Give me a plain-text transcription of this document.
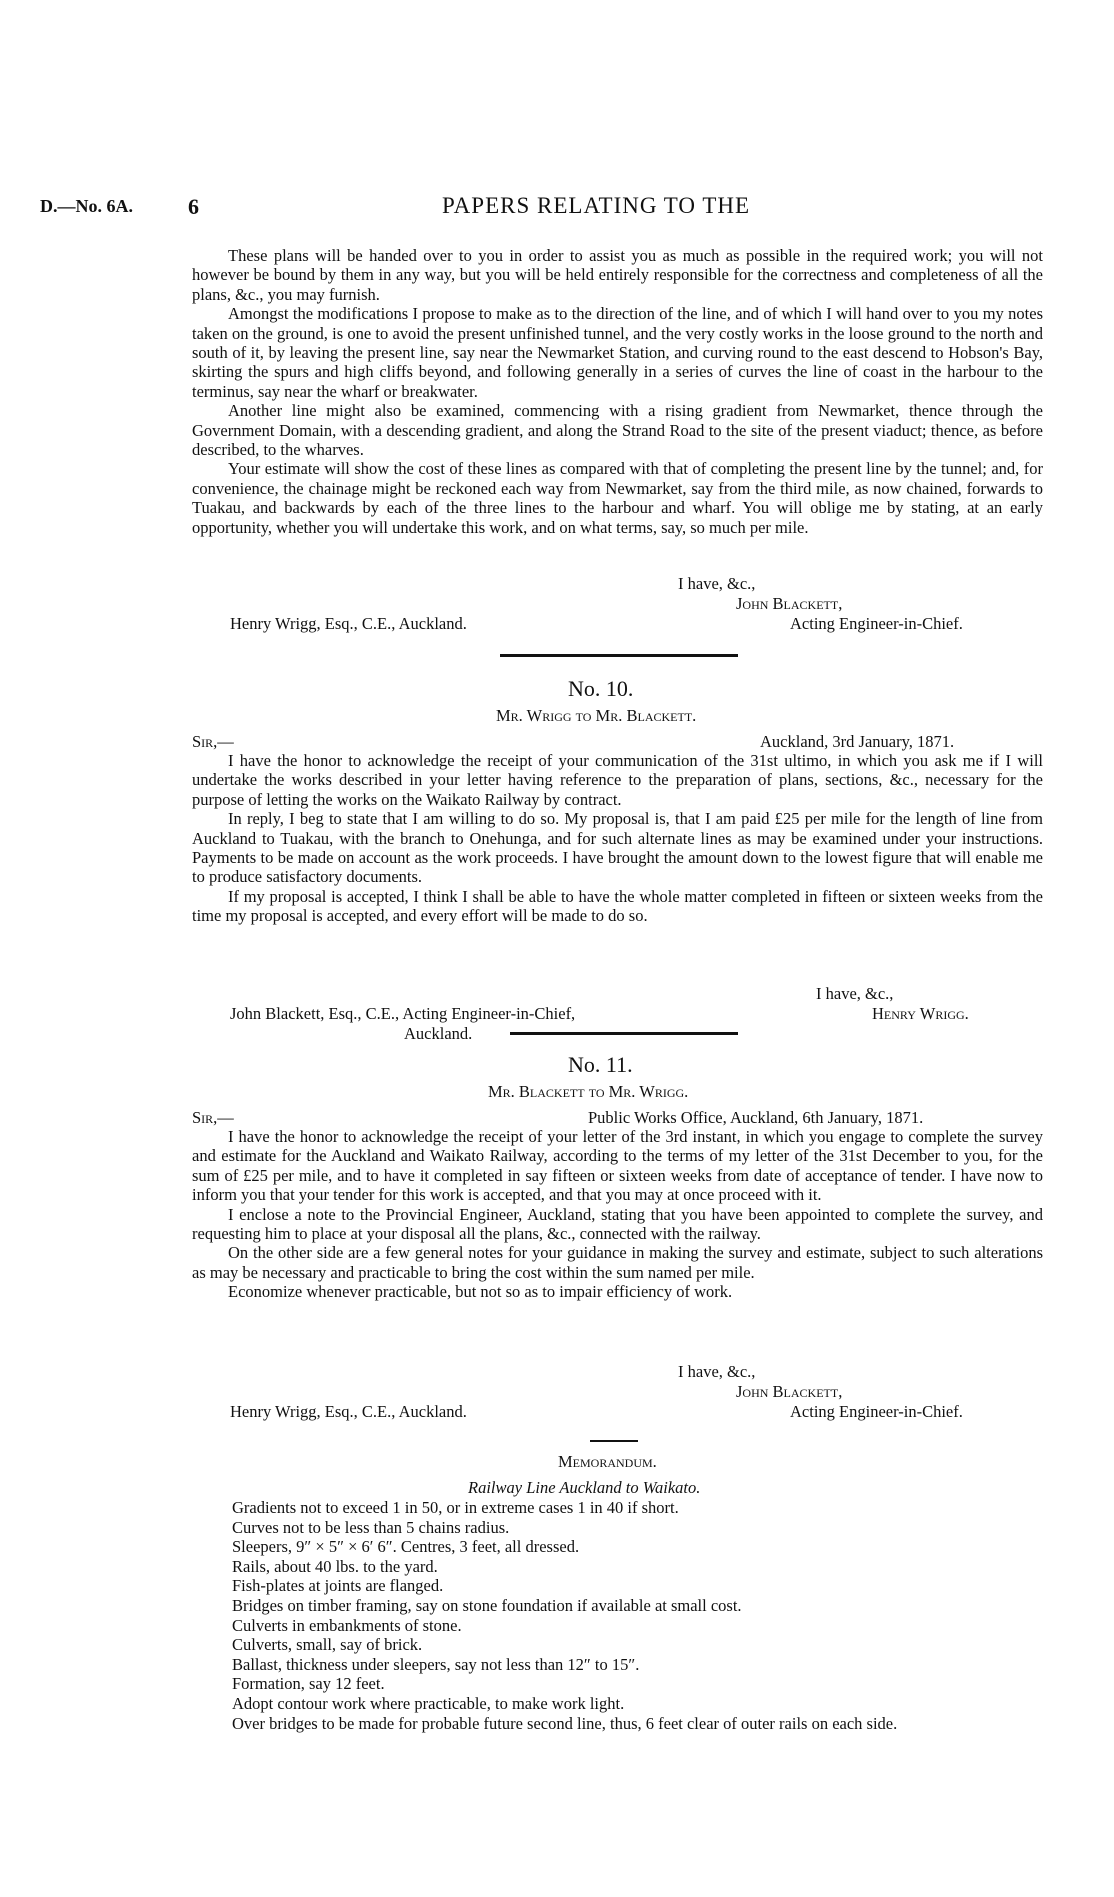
D.—No. 6A.	6	PAPERS RELATING TO THE

These plans will be handed over to you in order to assist you as much as possible in the required work; you will not however be bound by them in any way, but you will be held entirely responsible for the correctness and completeness of all the plans, &c., you may furnish.

Amongst the modifications I propose to make as to the direction of the line, and of which I will hand over to you my notes taken on the ground, is one to avoid the present unfinished tunnel, and the very costly works in the loose ground to the north and south of it, by leaving the present line, say near the Newmarket Station, and curving round to the east descend to Hobson's Bay, skirting the spurs and high cliffs beyond, and following generally in a series of curves the line of coast in the harbour to the terminus, say near the wharf or breakwater.

Another line might also be examined, commencing with a rising gradient from Newmarket, thence through the Government Domain, with a descending gradient, and along the Strand Road to the site of the present viaduct; thence, as before described, to the wharves.

Your estimate will show the cost of these lines as compared with that of completing the present line by the tunnel; and, for convenience, the chainage might be reckoned each way from Newmarket, say from the third mile, as now chained, forwards to Tuakau, and backwards by each of the three lines to the harbour and wharf. You will oblige me by stating, at an early opportunity, whether you will undertake this work, and on what terms, say, so much per mile.

I have, &c.,
John Blackett,
Henry Wrigg, Esq., C.E., Auckland.	Acting Engineer-in-Chief.
No. 10.
Mr. Wrigg to Mr. Blackett.
Sir,—	Auckland, 3rd January, 1871.

I have the honor to acknowledge the receipt of your communication of the 31st ultimo, in which you ask me if I will undertake the works described in your letter having reference to the preparation of plans, sections, &c., necessary for the purpose of letting the works on the Waikato Railway by contract.

In reply, I beg to state that I am willing to do so. My proposal is, that I am paid £25 per mile for the length of line from Auckland to Tuakau, with the branch to Onehunga, and for such alternate lines as may be examined under your instructions. Payments to be made on account as the work proceeds. I have brought the amount down to the lowest figure that will enable me to produce satisfactory documents.

If my proposal is accepted, I think I shall be able to have the whole matter completed in fifteen or sixteen weeks from the time my proposal is accepted, and every effort will be made to do so.

I have, &c.,
John Blackett, Esq., C.E., Acting Engineer-in-Chief,	Henry Wrigg.
Auckland.
No. 11.
Mr. Blackett to Mr. Wrigg.
Sir,—	Public Works Office, Auckland, 6th January, 1871.

I have the honor to acknowledge the receipt of your letter of the 3rd instant, in which you engage to complete the survey and estimate for the Auckland and Waikato Railway, according to the terms of my letter of the 31st December to you, for the sum of £25 per mile, and to have it completed in say fifteen or sixteen weeks from date of acceptance of tender. I have now to inform you that your tender for this work is accepted, and that you may at once proceed with it.

I enclose a note to the Provincial Engineer, Auckland, stating that you have been appointed to complete the survey, and requesting him to place at your disposal all the plans, &c., connected with the railway.

On the other side are a few general notes for your guidance in making the survey and estimate, subject to such alterations as may be necessary and practicable to bring the cost within the sum named per mile.

Economize whenever practicable, but not so as to impair efficiency of work.

I have, &c.,
John Blackett,
Henry Wrigg, Esq., C.E., Auckland.	Acting Engineer-in-Chief.
Memorandum.
Railway Line Auckland to Waikato.
Gradients not to exceed 1 in 50, or in extreme cases 1 in 40 if short.
Curves not to be less than 5 chains radius.
Sleepers, 9″ × 5″ × 6′ 6″. Centres, 3 feet, all dressed.
Rails, about 40 lbs. to the yard.
Fish-plates at joints are flanged.
Bridges on timber framing, say on stone foundation if available at small cost.
Culverts in embankments of stone.
Culverts, small, say of brick.
Ballast, thickness under sleepers, say not less than 12″ to 15″.
Formation, say 12 feet.
Adopt contour work where practicable, to make work light.
Over bridges to be made for probable future second line, thus, 6 feet clear of outer rails on each side.
